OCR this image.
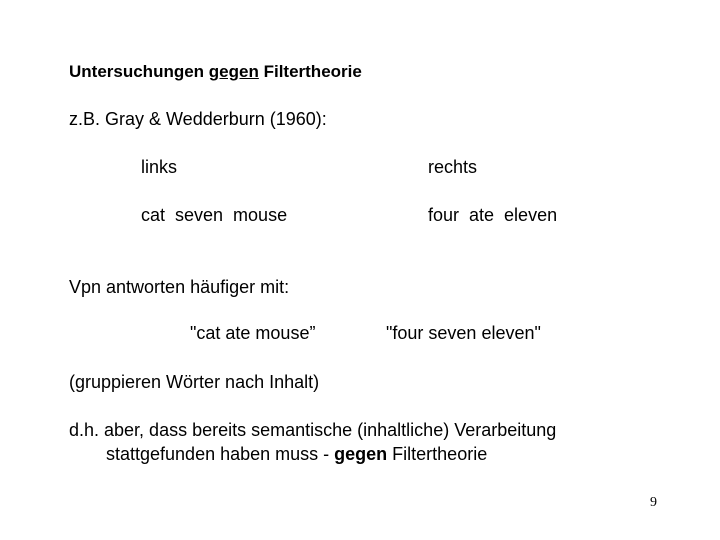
Untersuchungen gegen Filtertheorie
z.B. Gray & Wedderburn (1960):
links	rechts
cat  seven  mouse	four  ate  eleven
Vpn antworten häufiger mit:
"cat ate mouse”	"four seven eleven"
(gruppieren Wörter nach Inhalt)
d.h. aber, dass bereits semantische (inhaltliche) Verarbeitung
stattgefunden haben muss - gegen Filtertheorie
9
